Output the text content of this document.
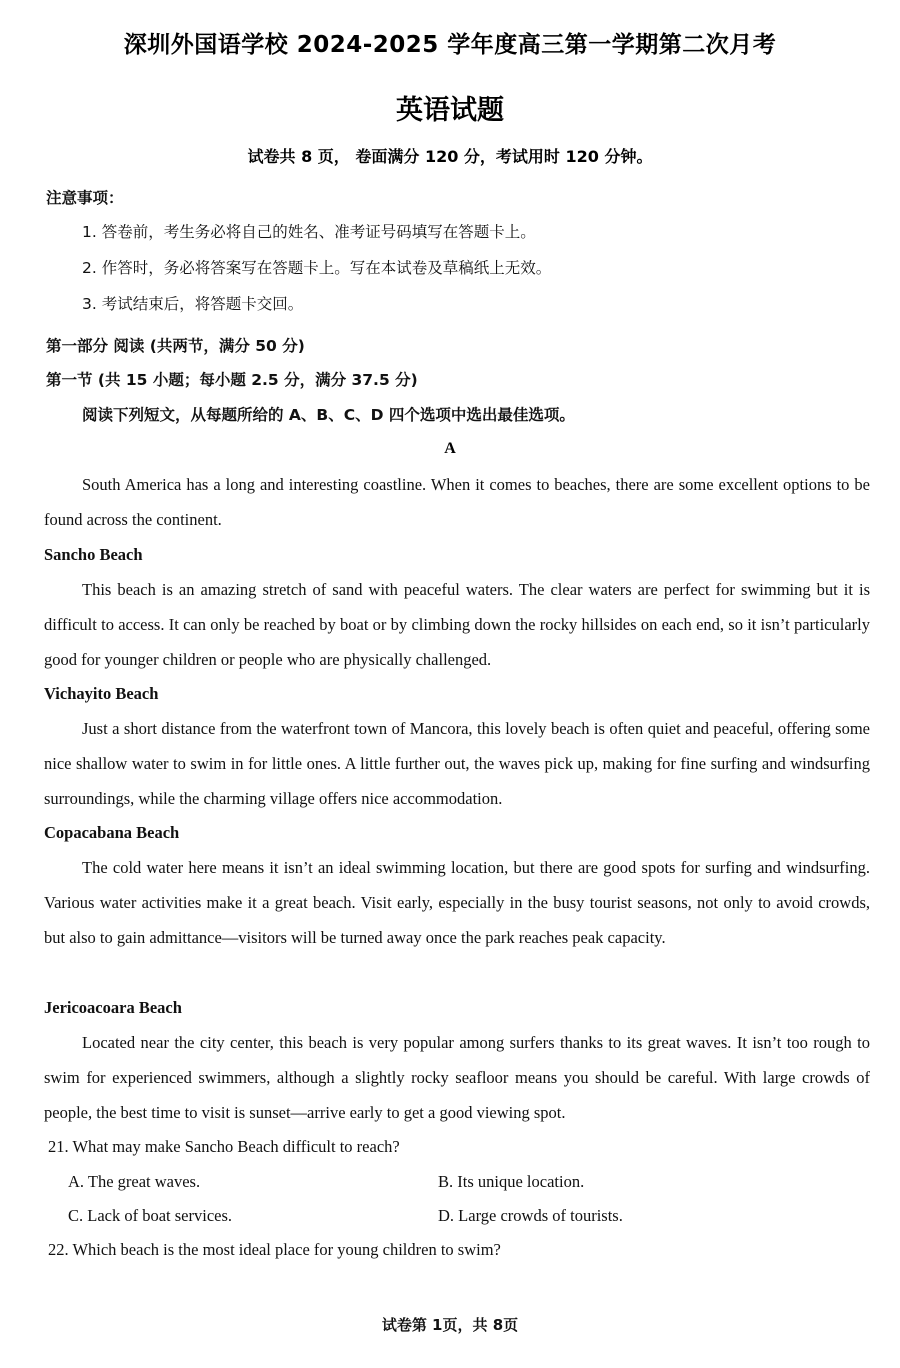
深圳外国语学校 2024-2025 学年度高三第一学期第二次月考
英语试题
试卷共 8 页， 卷面满分 120 分，考试用时 120 分钟。
注意事项：
1. 答卷前，考生务必将自己的姓名、准考证号码填写在答题卡上。
2. 作答时，务必将答案写在答题卡上。写在本试卷及草稿纸上无效。
3. 考试结束后，将答题卡交回。
第一部分 阅读 (共两节，满分 50 分)
第一节 (共 15 小题；每小题 2.5 分，满分 37.5 分)
阅读下列短文，从每题所给的 A、B、C、D 四个选项中选出最佳选项。
A

South America has a long and interesting coastline. When it comes to beaches, there are some excellent options to be found across the continent.

Sancho Beach

This beach is an amazing stretch of sand with peaceful waters. The clear waters are perfect for swimming but it is difficult to access. It can only be reached by boat or by climbing down the rocky hillsides on each end, so it isn’t particularly good for younger children or people who are physically challenged.

Vichayito Beach

Just a short distance from the waterfront town of Mancora, this lovely beach is often quiet and peaceful, offering some nice shallow water to swim in for little ones. A little further out, the waves pick up, making for fine surfing and windsurfing surroundings, while the charming village offers nice accommodation.

Copacabana Beach

The cold water here means it isn’t an ideal swimming location, but there are good spots for surfing and windsurfing. Various water activities make it a great beach. Visit early, especially in the busy tourist seasons, not only to avoid crowds, but also to gain admittance—visitors will be turned away once the park reaches peak capacity.

Jericoacoara Beach

Located near the city center, this beach is very popular among surfers thanks to its great waves. It isn’t too rough to swim for experienced swimmers, although a slightly rocky seafloor means you should be careful. With large crowds of people, the best time to visit is sunset—arrive early to get a good viewing spot.

21. What may make Sancho Beach difficult to reach?
A. The great waves.	B. Its unique location.
C. Lack of boat services.	D. Large crowds of tourists.
22. Which beach is the most ideal place for young children to swim?
试卷第 1页，共 8页
